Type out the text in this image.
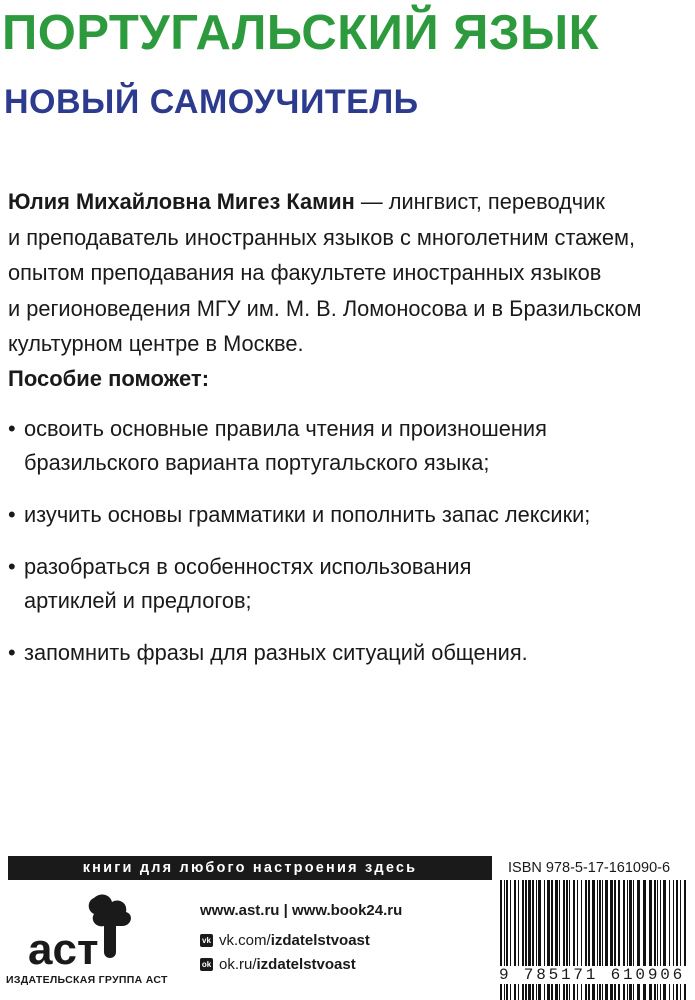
ПОРТУГАЛЬСКИЙ ЯЗЫК
НОВЫЙ САМОУЧИТЕЛЬ
Юлия Михайловна Мигез Камин — лингвист, переводчик
и преподаватель иностранных языков с многолетним стажем,
опытом преподавания на факультете иностранных языков
и регионоведения МГУ им. М. В. Ломоносова и в Бразильском
культурном центре в Москве.
Пособие поможет:
• освоить основные правила чтения и произношения
бразильского варианта португальского языка;
• изучить основы грамматики и пополнить запас лексики;
• разобраться в особенностях использования
артиклей и предлогов;
• запомнить фразы для разных ситуаций общения.
книги для любого настроения здесь
аст
ИЗДАТЕЛЬСКАЯ ГРУППА АСТ
www.ast.ru | www.book24.ru
vk vk.com/ izdatelstvoast
ok ok.ru/ izdatelstvoast
ISBN 978-5-17-161090-6
9 785171 610906
